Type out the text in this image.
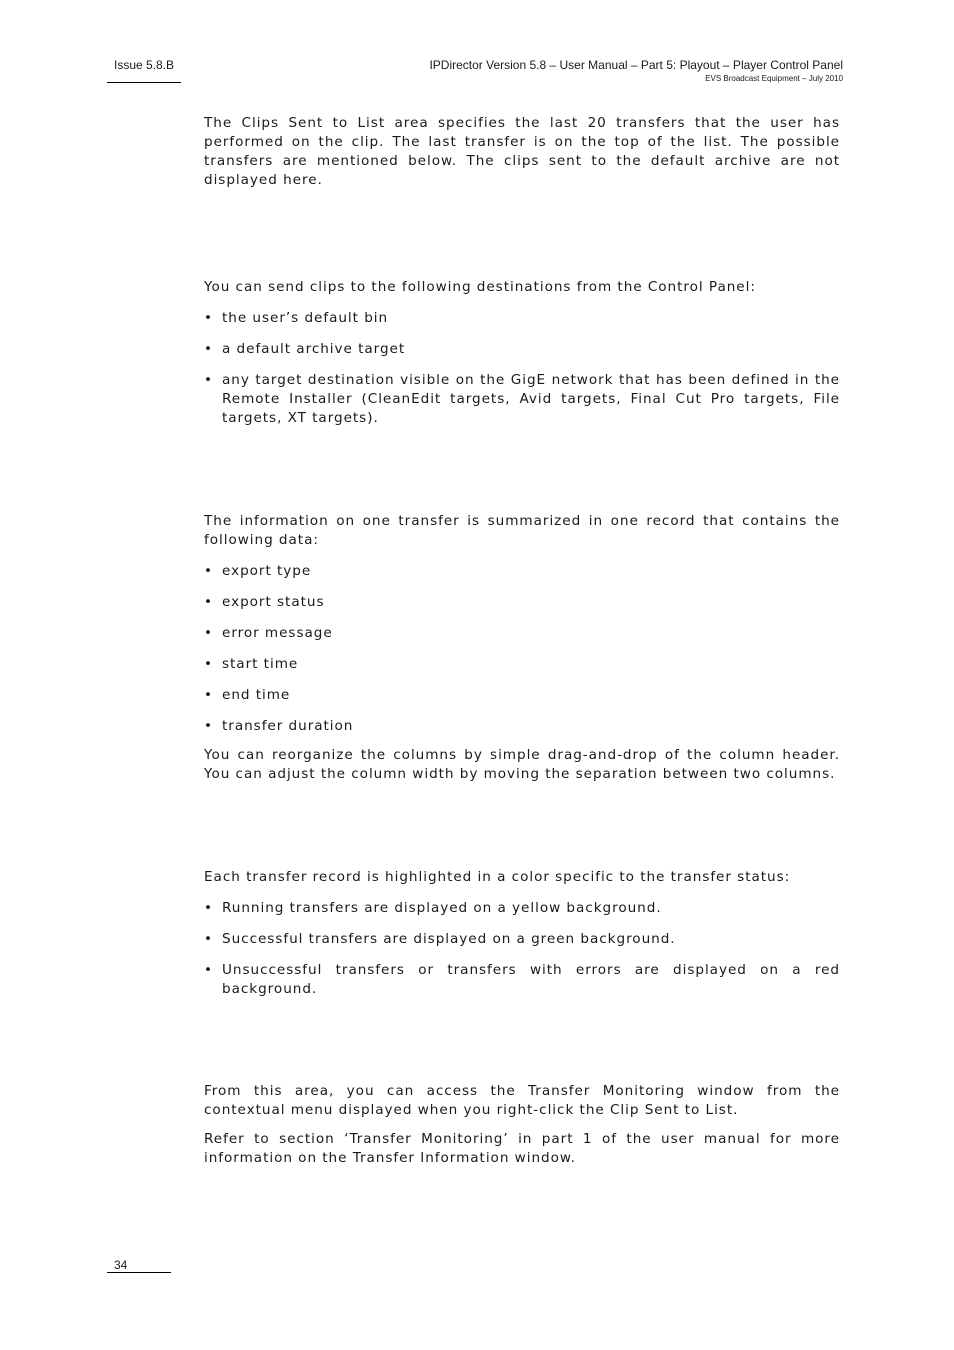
Issue 5.8.B	IPDirector Version 5.8 – User Manual – Part 5: Playout – Player Control Panel
EVS Broadcast Equipment – July 2010

The Clips Sent to List area specifies the last 20 transfers that the user has performed on the clip. The last transfer is on the top of the list. The possible transfers are mentioned below. The clips sent to the default archive are not displayed here.

You can send clips to the following destinations from the Control Panel:

• the user’s default bin
• a default archive target
• any target destination visible on the GigE network that has been defined in the Remote Installer (CleanEdit targets, Avid targets, Final Cut Pro targets, File targets, XT targets).

The information on one transfer is summarized in one record that contains the following data:

• export type
• export status
• error message
• start time
• end time
• transfer duration

You can reorganize the columns by simple drag-and-drop of the column header. You can adjust the column width by moving the separation between two columns.

Each transfer record is highlighted in a color specific to the transfer status:

• Running transfers are displayed on a yellow background.
• Successful transfers are displayed on a green background.
• Unsuccessful transfers or transfers with errors are displayed on a red background.

From this area, you can access the Transfer Monitoring window from the contextual menu displayed when you right-click the Clip Sent to List.

Refer to section ‘Transfer Monitoring’ in part 1 of the user manual for more information on the Transfer Information window.

34
